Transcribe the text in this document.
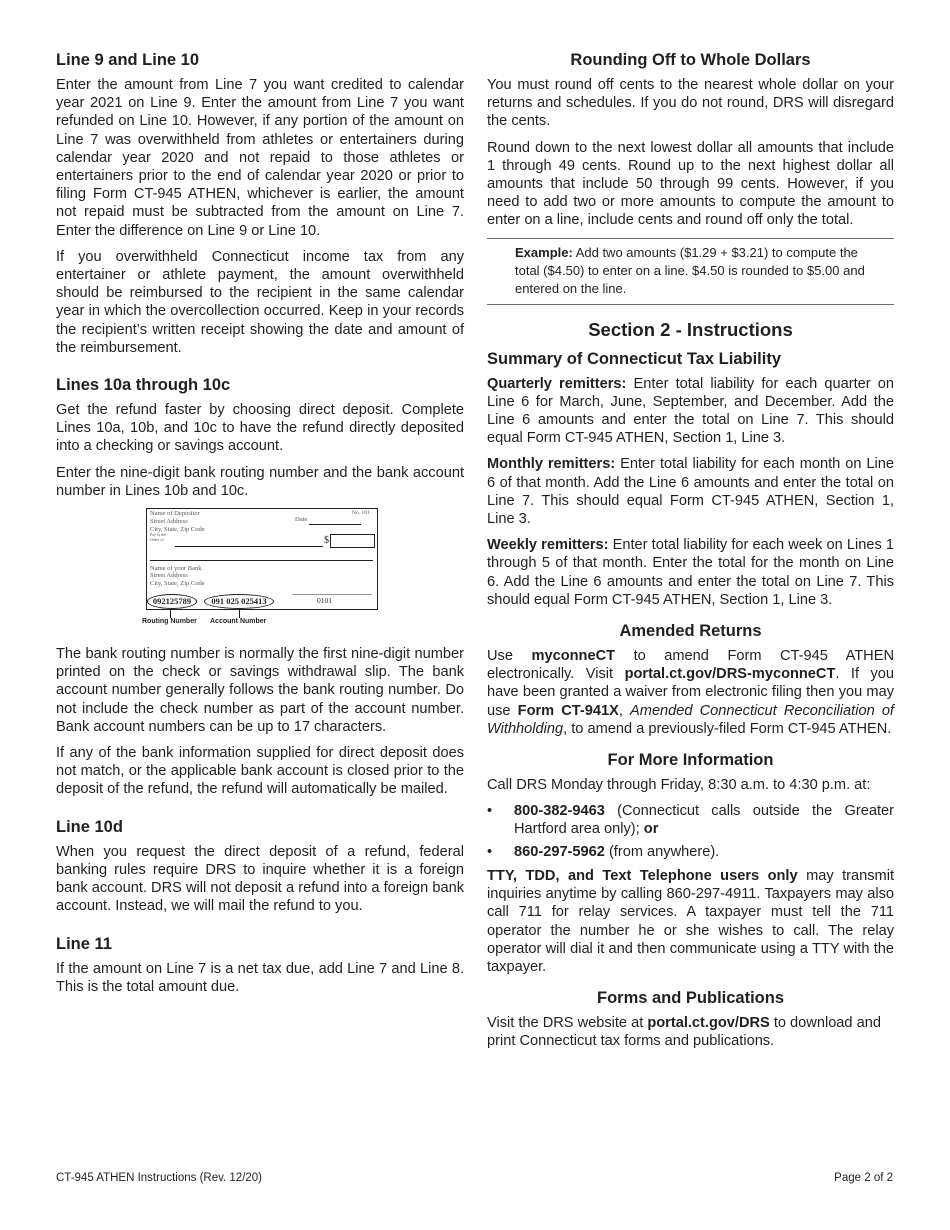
Line 9 and Line 10

Enter the amount from Line 7 you want credited to calendar year 2021 on Line 9. Enter the amount from Line 7 you want refunded on Line 10. However, if any portion of the amount on Line 7 was overwithheld from athletes or entertainers during calendar year 2020 and not repaid to those athletes or entertainers prior to the end of calendar year 2020 or prior to filing Form CT-945 ATHEN, whichever is earlier, the amount not repaid must be subtracted from the amount on Line 7. Enter the difference on Line 9 or Line 10.

If you overwithheld Connecticut income tax from any entertainer or athlete payment, the amount overwithheld should be reimbursed to the recipient in the same calendar year in which the overcollection occurred. Keep in your records the recipient’s written receipt showing the date and amount of the reimbursement.

Lines 10a through 10c

Get the refund faster by choosing direct deposit. Complete Lines 10a, 10b, and 10c to have the refund directly deposited into a checking or savings account.

Enter the nine-digit bank routing number and the bank account number in Lines 10b and 10c.

Name of Depositor
Street Address
City, State, Zip Code
No. 101
Date
Pay to the
Order of	$
Name of your Bank
Street Address
City, State, Zip Code
092125789	091 025 025413	0101
Routing Number Account Number

The bank routing number is normally the first nine-digit number printed on the check or savings withdrawal slip. The bank account number generally follows the bank routing number. Do not include the check number as part of the account number. Bank account numbers can be up to 17 characters.

If any of the bank information supplied for direct deposit does not match, or the applicable bank account is closed prior to the deposit of the refund, the refund will automatically be mailed.

Line 10d

When you request the direct deposit of a refund, federal banking rules require DRS to inquire whether it is a foreign bank account. DRS will not deposit a refund into a foreign bank account. Instead, we will mail the refund to you.

Line 11

If the amount on Line 7 is a net tax due, add Line 7 and Line 8. This is the total amount due.

Rounding Off to Whole Dollars

You must round off cents to the nearest whole dollar on your returns and schedules. If you do not round, DRS will disregard the cents.

Round down to the next lowest dollar all amounts that include 1 through 49 cents. Round up to the next highest dollar all amounts that include 50 through 99 cents. However, if you need to add two or more amounts to compute the amount to enter on a line, include cents and round off only the total.

Example: Add two amounts ($1.29 + $3.21) to compute the total ($4.50) to enter on a line. $4.50 is rounded to $5.00 and entered on the line.

Section 2 - Instructions
Summary of Connecticut Tax Liability

Quarterly remitters: Enter total liability for each quarter on Line 6 for March, June, September, and December. Add the Line 6 amounts and enter the total on Line 7. This should equal Form CT-945 ATHEN, Section 1, Line 3.

Monthly remitters: Enter total liability for each month on Line 6 of that month. Add the Line 6 amounts and enter the total on Line 7. This should equal Form CT-945 ATHEN, Section 1, Line 3.

Weekly remitters: Enter total liability for each week on Lines 1 through 5 of that month. Enter the total for the month on Line 6. Add the Line 6 amounts and enter the total on Line 7. This should equal Form CT-945 ATHEN, Section 1, Line 3.

Amended Returns

Use myconneCT to amend Form CT-945 ATHEN electronically. Visit portal.ct.gov/DRS-myconneCT. If you have been granted a waiver from electronic filing then you may use Form CT-941X, Amended Connecticut Reconciliation of Withholding, to amend a previously-filed Form CT-945 ATHEN.

For More Information

Call DRS Monday through Friday, 8:30 a.m. to 4:30 p.m. at:

• 800-382-9463 (Connecticut calls outside the Greater Hartford area only); or
• 860-297-5962 (from anywhere).

TTY, TDD, and Text Telephone users only may transmit inquiries anytime by calling 860-297-4911. Taxpayers may also call 711 for relay services. A taxpayer must tell the 711 operator the number he or she wishes to call. The relay operator will dial it and then communicate using a TTY with the taxpayer.

Forms and Publications

Visit the DRS website at portal.ct.gov/DRS to download and print Connecticut tax forms and publications.

CT-945 ATHEN Instructions (Rev. 12/20)	Page 2 of 2
